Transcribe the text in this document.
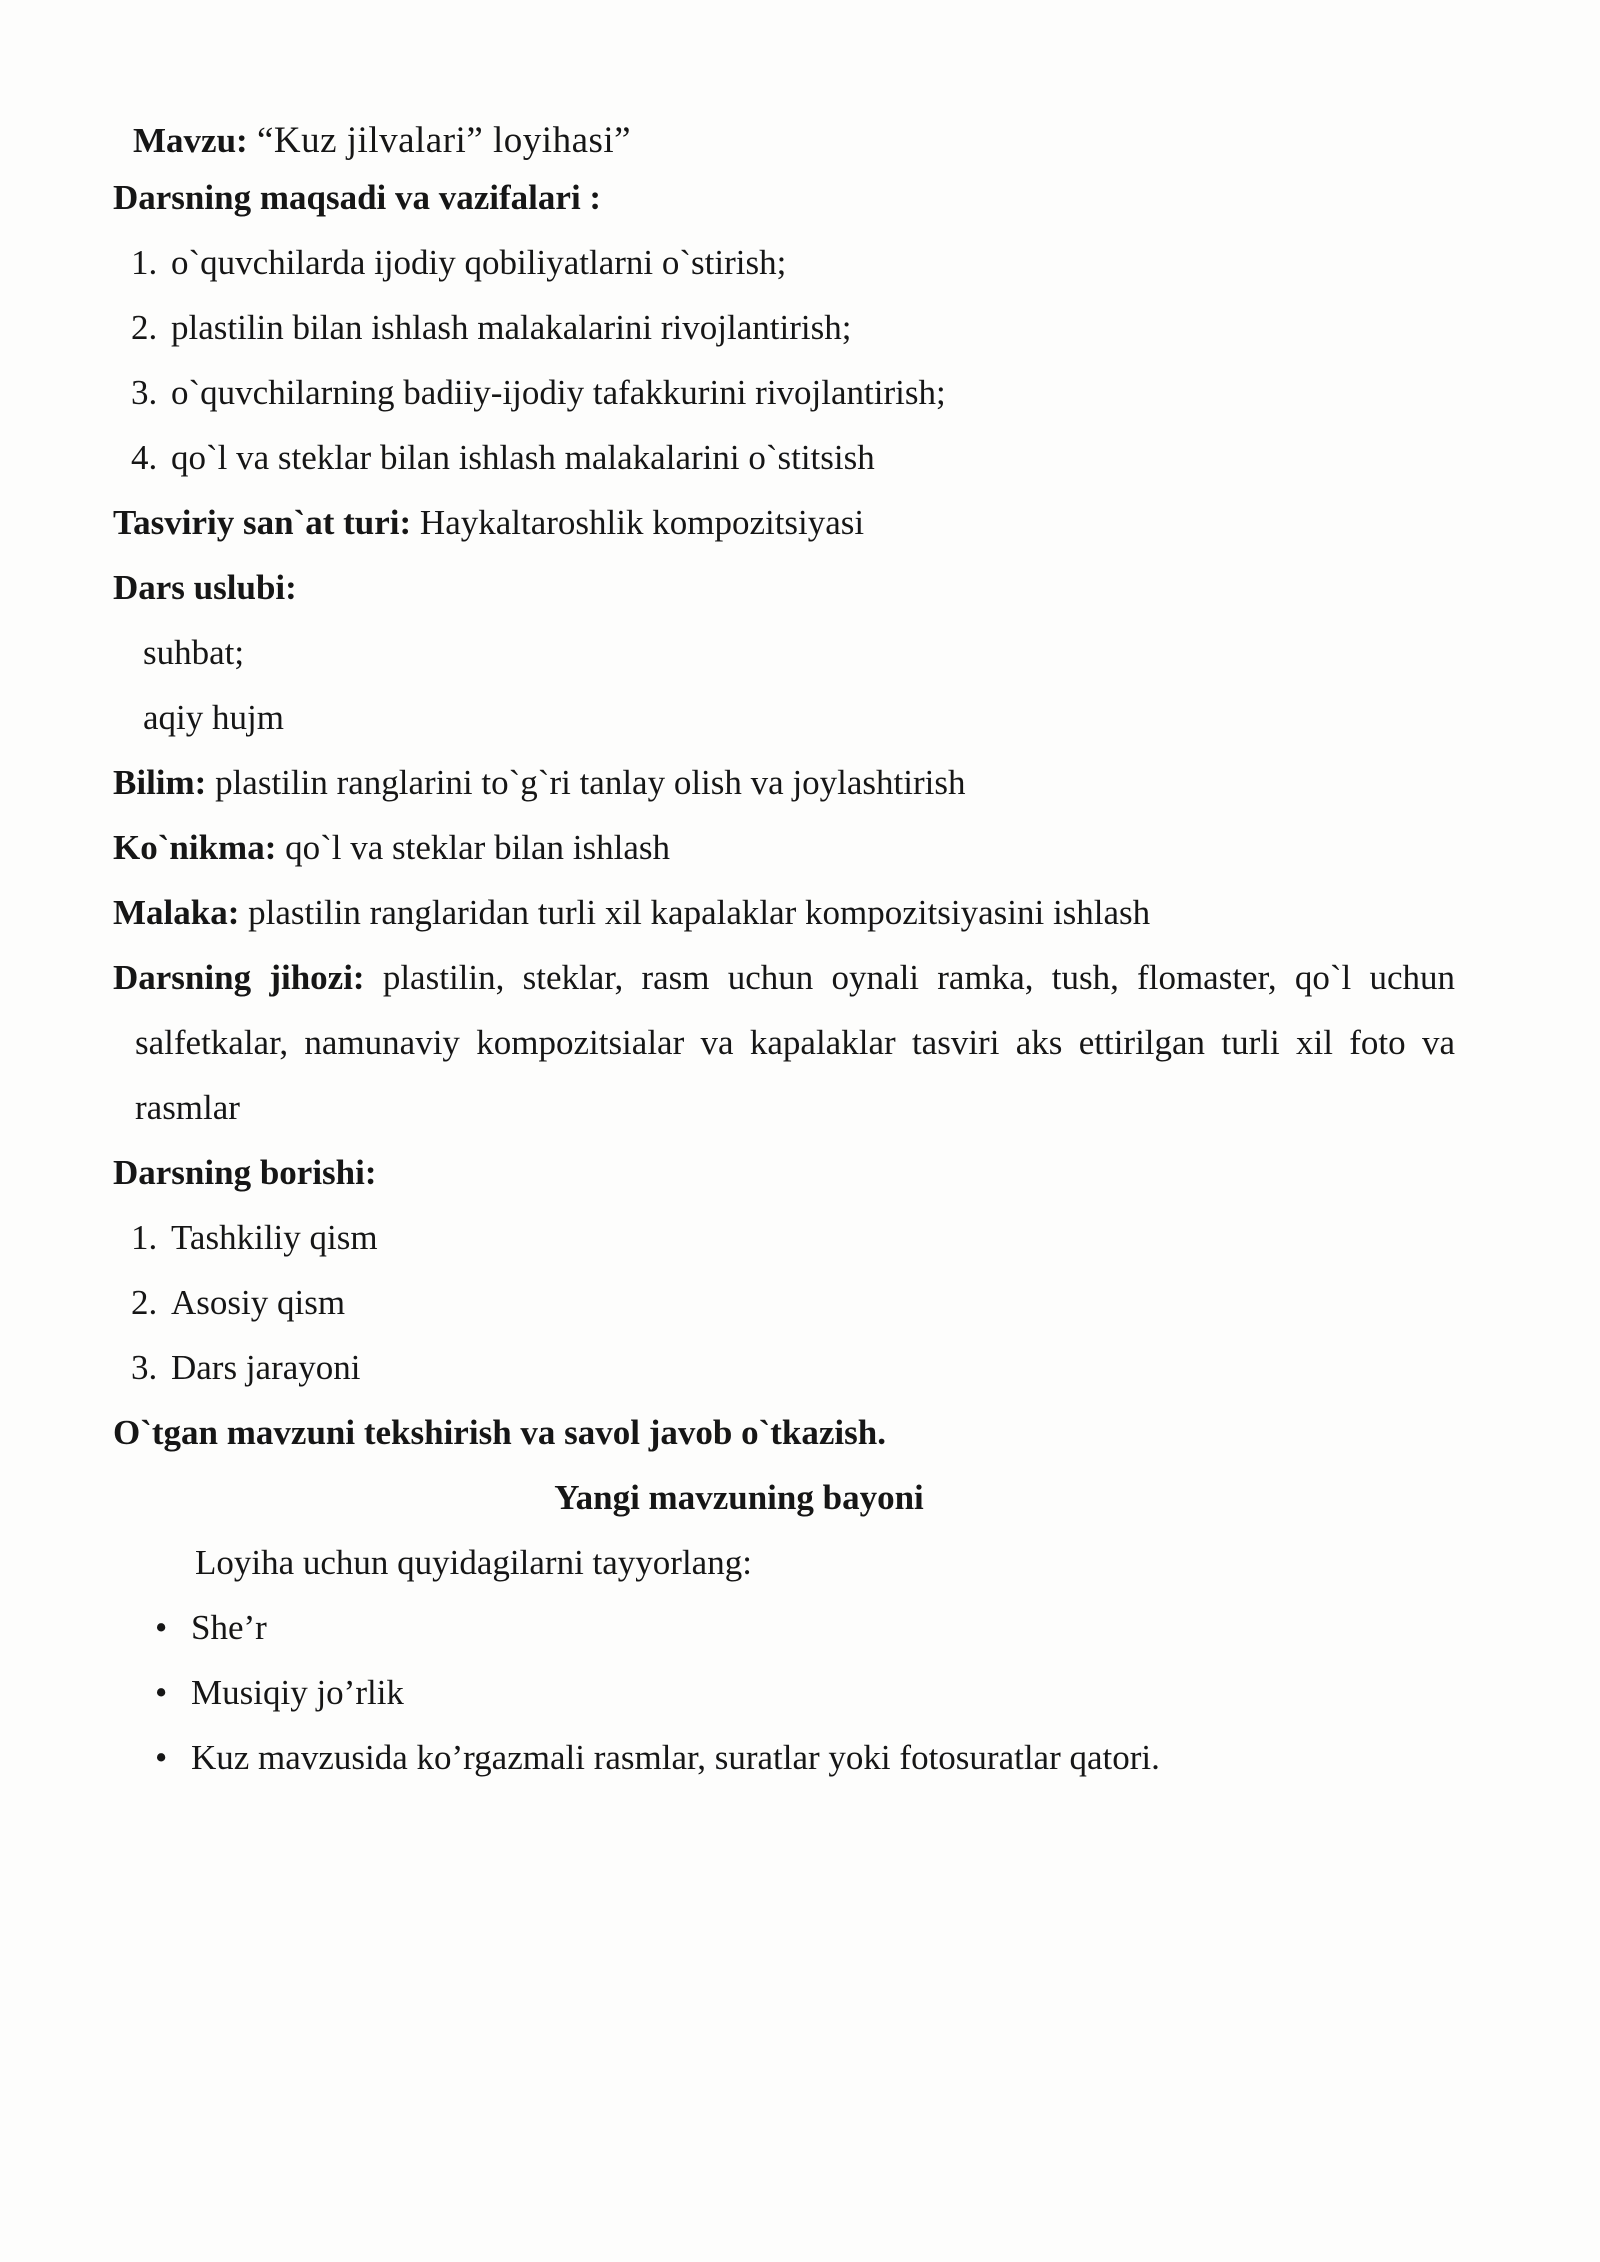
Mavzu: “Kuz jilvalari” loyihasi”
Darsning maqsadi va vazifalari :
1. o`quvchilarda ijodiy qobiliyatlarni o`stirish;
2. plastilin bilan ishlash malakalarini rivojlantirish;
3. o`quvchilarning badiiy-ijodiy tafakkurini rivojlantirish;
4. qo`l va steklar bilan ishlash malakalarini o`stitsish
Tasviriy san`at turi: Haykaltaroshlik kompozitsiyasi
Dars uslubi:
suhbat;
aqiy hujm
Bilim: plastilin ranglarini to`g`ri tanlay olish va joylashtirish
Ko`nikma: qo`l va steklar bilan ishlash
Malaka: plastilin ranglaridan turli xil kapalaklar kompozitsiyasini ishlash

Darsning jihozi: plastilin, steklar, rasm uchun oynali ramka, tush, flomaster, qo`l uchun salfetkalar, namunaviy kompozitsialar va kapalaklar tasviri aks ettirilgan turli xil foto va rasmlar

Darsning borishi:
1. Tashkiliy qism
2. Asosiy qism
3. Dars jarayoni
O`tgan mavzuni tekshirish va savol javob o`tkazish.
Yangi mavzuning bayoni
Loyiha uchun quyidagilarni tayyorlang:
• She’r
• Musiqiy jo’rlik
• Kuz mavzusida ko’rgazmali rasmlar, suratlar yoki fotosuratlar qatori.
